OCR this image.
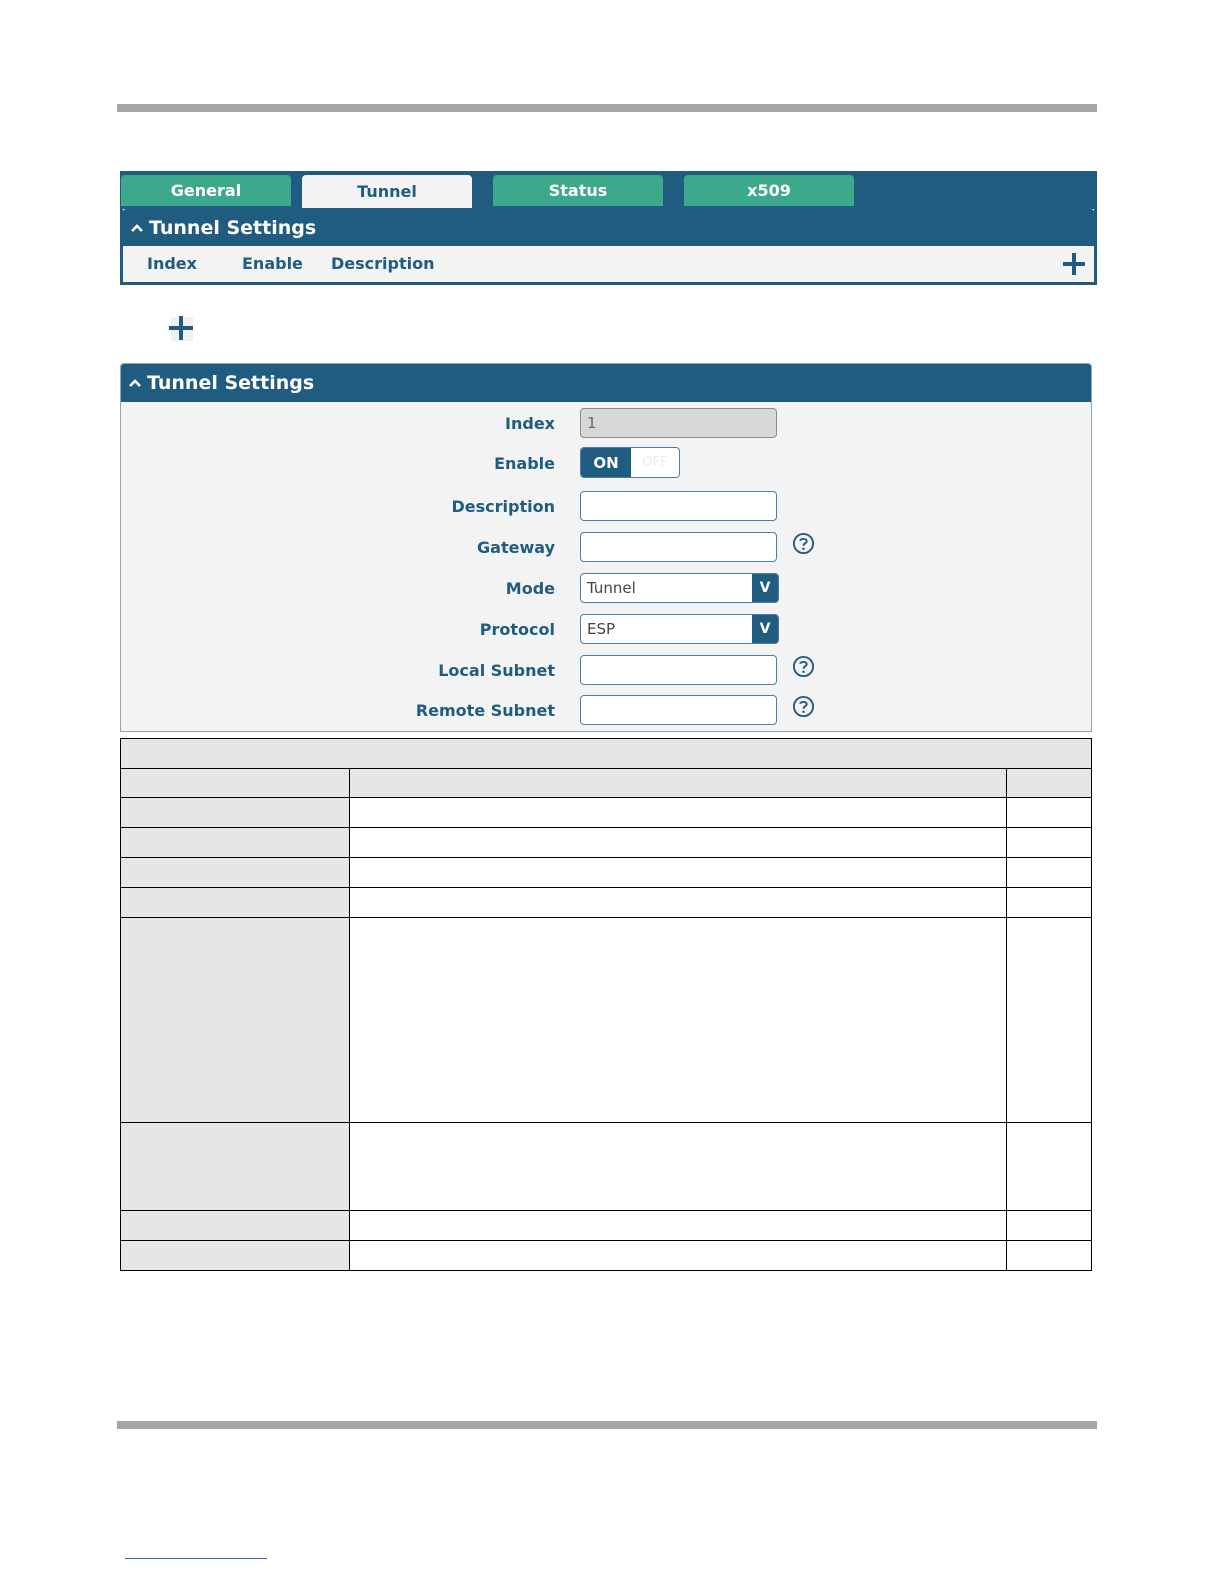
General	Tunnel	Status	x509
Tunnel Settings
Index	Enable Description
Tunnel Settings
Index	1
Enable	ON	OFF
Description
Gateway
Mode Tunnel	V
Protocol ESP	V
Local Subnet
Remote Subnet
